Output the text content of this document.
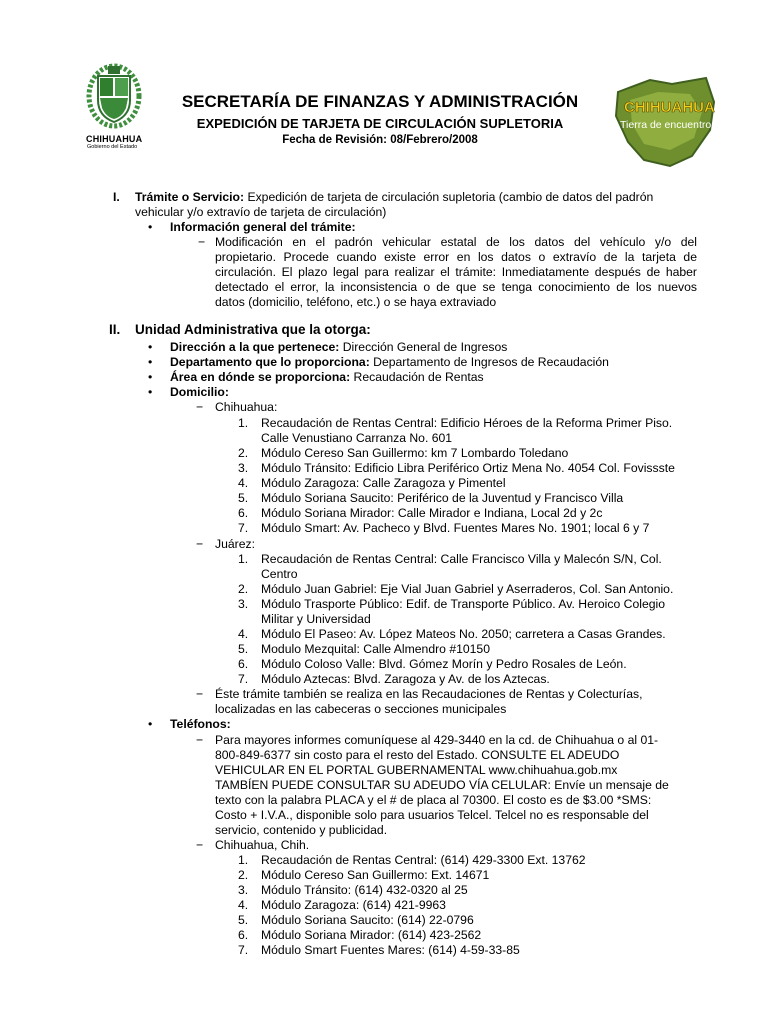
CHIHUAHUA
Gobierno del Estado
SECRETARÍA DE FINANZAS Y ADMINISTRACIÓN
EXPEDICIÓN DE TARJETA DE CIRCULACIÓN SUPLETORIA
Fecha de Revisión: 08/Febrero/2008
CHIHUAHUA
Tierra de encuentro
I. Trámite o Servicio: Expedición de tarjeta de circulación supletoria (cambio de datos del padrón
vehicular y/o extravío de tarjeta de circulación)
• Información general del trámite:
− Modificación en el padrón vehicular estatal de los datos del vehículo y/o del
propietario. Procede cuando existe error en los datos o extravío de la tarjeta de
circulación. El plazo legal para realizar el trámite: Inmediatamente después de haber
detectado el error, la inconsistencia o de que se tenga conocimiento de los nuevos
datos (domicilio, teléfono, etc.) o se haya extraviado
II. Unidad Administrativa que la otorga:
• Dirección a la que pertenece: Dirección General de Ingresos
• Departamento que lo proporciona: Departamento de Ingresos de Recaudación
• Área en dónde se proporciona: Recaudación de Rentas
• Domicilio:
− Chihuahua:
1. Recaudación de Rentas Central: Edificio Héroes de la Reforma Primer Piso.
Calle Venustiano Carranza No. 601
2. Módulo Cereso San Guillermo: km 7 Lombardo Toledano
3. Módulo Tránsito: Edificio Libra Periférico Ortiz Mena No. 4054 Col. Fovissste
4. Módulo Zaragoza: Calle Zaragoza y Pimentel
5. Módulo Soriana Saucito: Periférico de la Juventud y Francisco Villa
6. Módulo Soriana Mirador: Calle Mirador e Indiana, Local 2d y 2c
7. Módulo Smart: Av. Pacheco y Blvd. Fuentes Mares No. 1901; local 6 y 7
− Juárez:
1. Recaudación de Rentas Central: Calle Francisco Villa y Malecón S/N, Col.
Centro
2. Módulo Juan Gabriel: Eje Vial Juan Gabriel y Aserraderos, Col. San Antonio.
3. Módulo Trasporte Público: Edif. de Transporte Público. Av. Heroico Colegio
Militar y Universidad
4. Módulo El Paseo: Av. López Mateos No. 2050; carretera a Casas Grandes.
5. Modulo Mezquital: Calle Almendro #10150
6. Módulo Coloso Valle: Blvd. Gómez Morín y Pedro Rosales de León.
7. Módulo Aztecas: Blvd. Zaragoza y Av. de los Aztecas.
− Éste trámite también se realiza en las Recaudaciones de Rentas y Colecturías,
localizadas en las cabeceras o secciones municipales
• Teléfonos:
− Para mayores informes comuníquese al 429-3440 en la cd. de Chihuahua o al 01-
800-849-6377 sin costo para el resto del Estado. CONSULTE EL ADEUDO
VEHICULAR EN EL PORTAL GUBERNAMENTAL www.chihuahua.gob.mx
TAMBÍEN PUEDE CONSULTAR SU ADEUDO VÍA CELULAR: Envíe un mensaje de
texto con la palabra PLACA y el # de placa al 70300. El costo es de $3.00 *SMS:
Costo + I.V.A., disponible solo para usuarios Telcel. Telcel no es responsable del
servicio, contenido y publicidad.
− Chihuahua, Chih.
1. Recaudación de Rentas Central: (614) 429-3300 Ext. 13762
2. Módulo Cereso San Guillermo: Ext. 14671
3. Módulo Tránsito: (614) 432-0320 al 25
4. Módulo Zaragoza: (614) 421-9963
5. Módulo Soriana Saucito: (614) 22-0796
6. Módulo Soriana Mirador: (614) 423-2562
7. Módulo Smart Fuentes Mares: (614) 4-59-33-85
